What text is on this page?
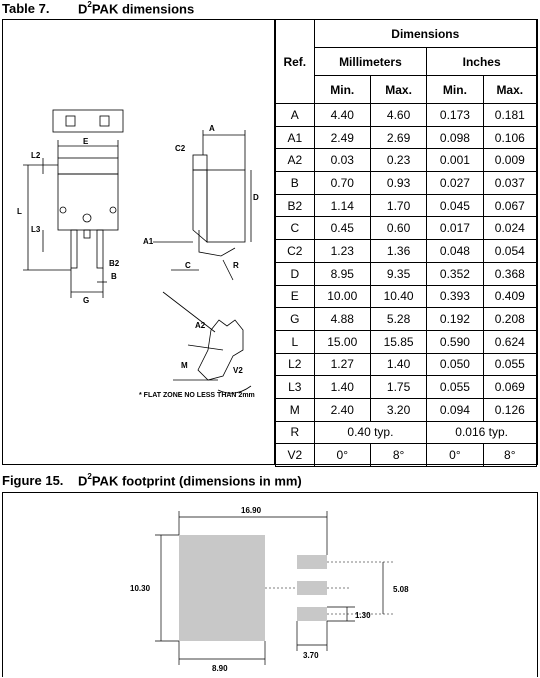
Table 7. $D^2PAK$ dimensions
A
C2
E
L2
L
L3
D
A1
B2
B
C	R
G
A2
M
V2
* FLAT ZONE NO LESS THAN 2mm
Ref.	Dimensions			
	Millimeters		Inches	
	Min.	Max.	Min.	Max.
A	4.40	4.60	0.173	0.181
A1	2.49	2.69	0.098	0.106
A2	0.03	0.23	0.001	0.009
B	0.70	0.93	0.027	0.037
B2	1.14	1.70	0.045	0.067
C	0.45	0.60	0.017	0.024
C2	1.23	1.36	0.048	0.054
D	8.95	9.35	0.352	0.368
E	10.00	10.40	0.393	0.409
G	4.88	5.28	0.192	0.208
L	15.00	15.85	0.590	0.624
L2	1.27	1.40	0.050	0.055
L3	1.40	1.75	0.055	0.069
M	2.40	3.20	0.094	0.126
R	0.40 typ.		0.016 typ.	
V2	0°	8°	0°	8°
Figure 15. $D^2PAK$ footprint (dimensions in mm)
16.90
10.30	5.08
1.30
8.90
3.70
